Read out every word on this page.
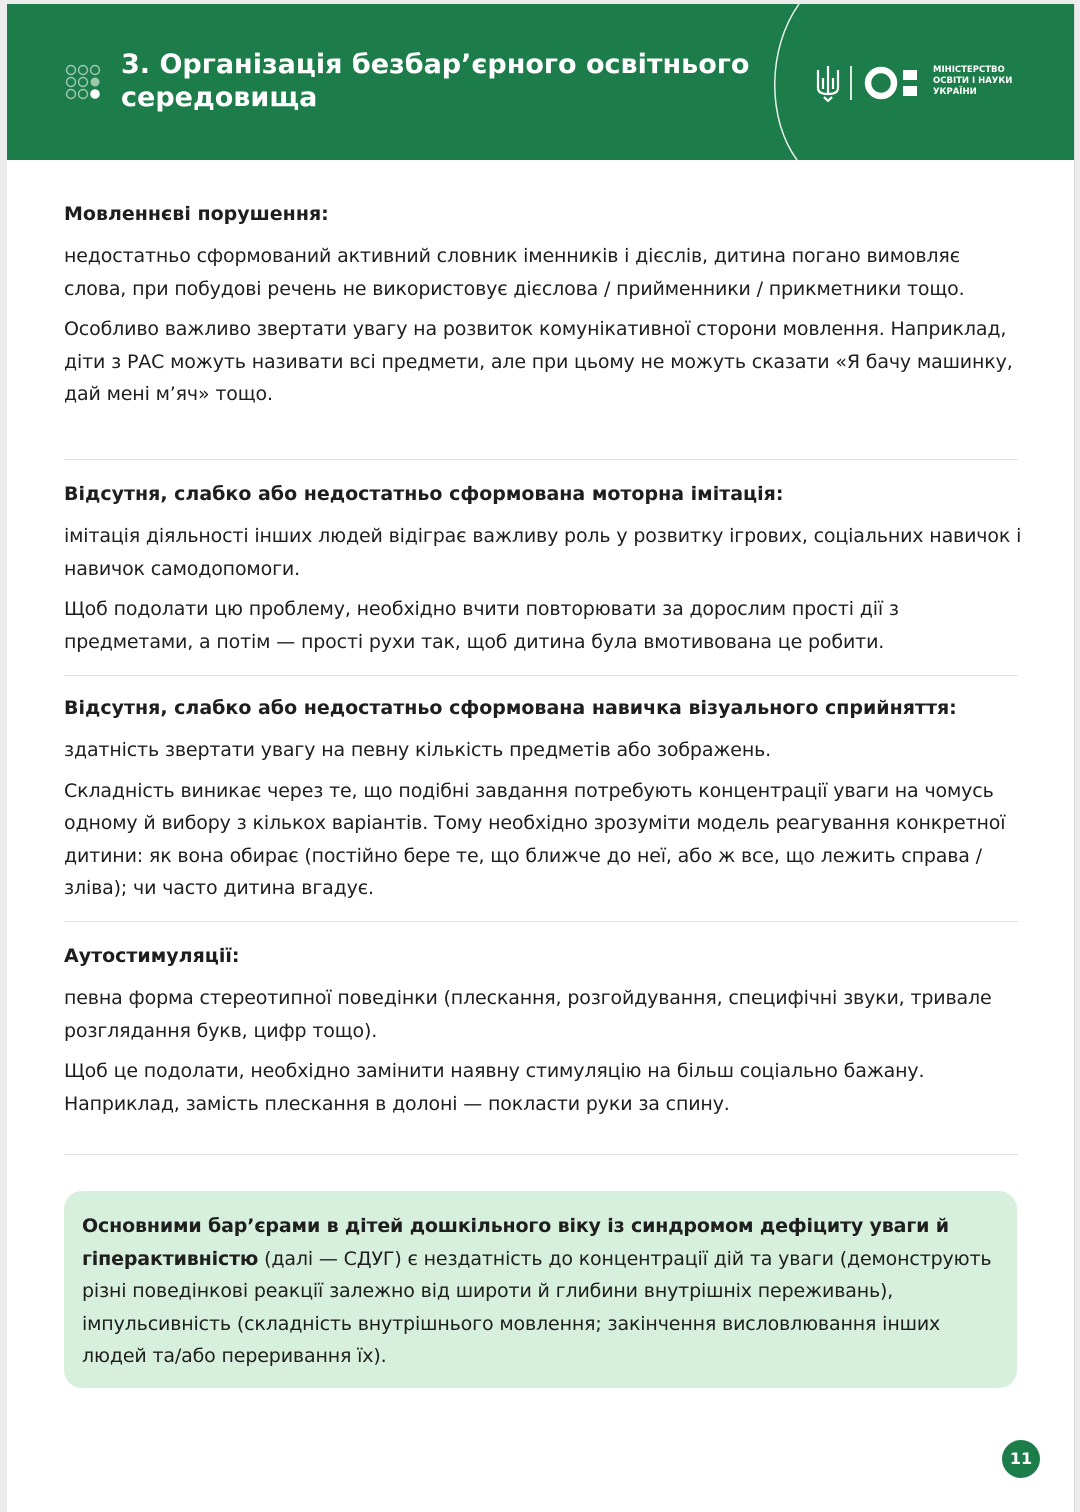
3. Організація безбар’єрного освітнього середовища
МІНІСТЕРСТВО
ОСВІТИ І НАУКИ
УКРАЇНИ
Мовленнєві порушення:

недостатньо сформований активний словник іменників і дієслів, дитина погано вимовляє слова, при побудові речень не використовує дієслова / прийменники / прикметники тощо.

Особливо важливо звертати увагу на розвиток комунікативної сторони мовлення. Наприклад, діти з РАС можуть називати всі предмети, але при цьому не можуть сказати «Я бачу машинку, дай мені м’яч» тощо.

Відсутня, слабко або недостатньо сформована моторна імітація:

імітація діяльності інших людей відіграє важливу роль у розвитку ігрових, соціальних навичок і навичок самодопомоги.

Щоб подолати цю проблему, необхідно вчити повторювати за дорослим прості дії з предметами, а потім — прості рухи так, щоб дитина була вмотивована це робити.

Відсутня, слабко або недостатньо сформована навичка візуального сприйняття:

здатність звертати увагу на певну кількість предметів або зображень.

Складність виникає через те, що подібні завдання потребують концентрації уваги на чомусь одному й вибору з кількох варіантів. Тому необхідно зрозуміти модель реагування конкретної дитини: як вона обирає (постійно бере те, що ближче до неї, або ж все, що лежить справа / зліва); чи часто дитина вгадує.

Аутостимуляції:

певна форма стереотипної поведінки (плескання, розгойдування, специфічні звуки, тривале розглядання букв, цифр тощо).

Щоб це подолати, необхідно замінити наявну стимуляцію на більш соціально бажану. Наприклад, замість плескання в долоні — покласти руки за спину.

Основними бар’єрами в дітей дошкільного віку із синдромом дефіциту уваги й гіперактивністю (далі — СДУГ) є нездатність до концентрації дій та уваги (демонструють різні поведінкові реакції залежно від широти й глибини внутрішніх переживань), імпульсивність (складність внутрішнього мовлення; закінчення висловлювання інших людей та/або переривання їх).
11
